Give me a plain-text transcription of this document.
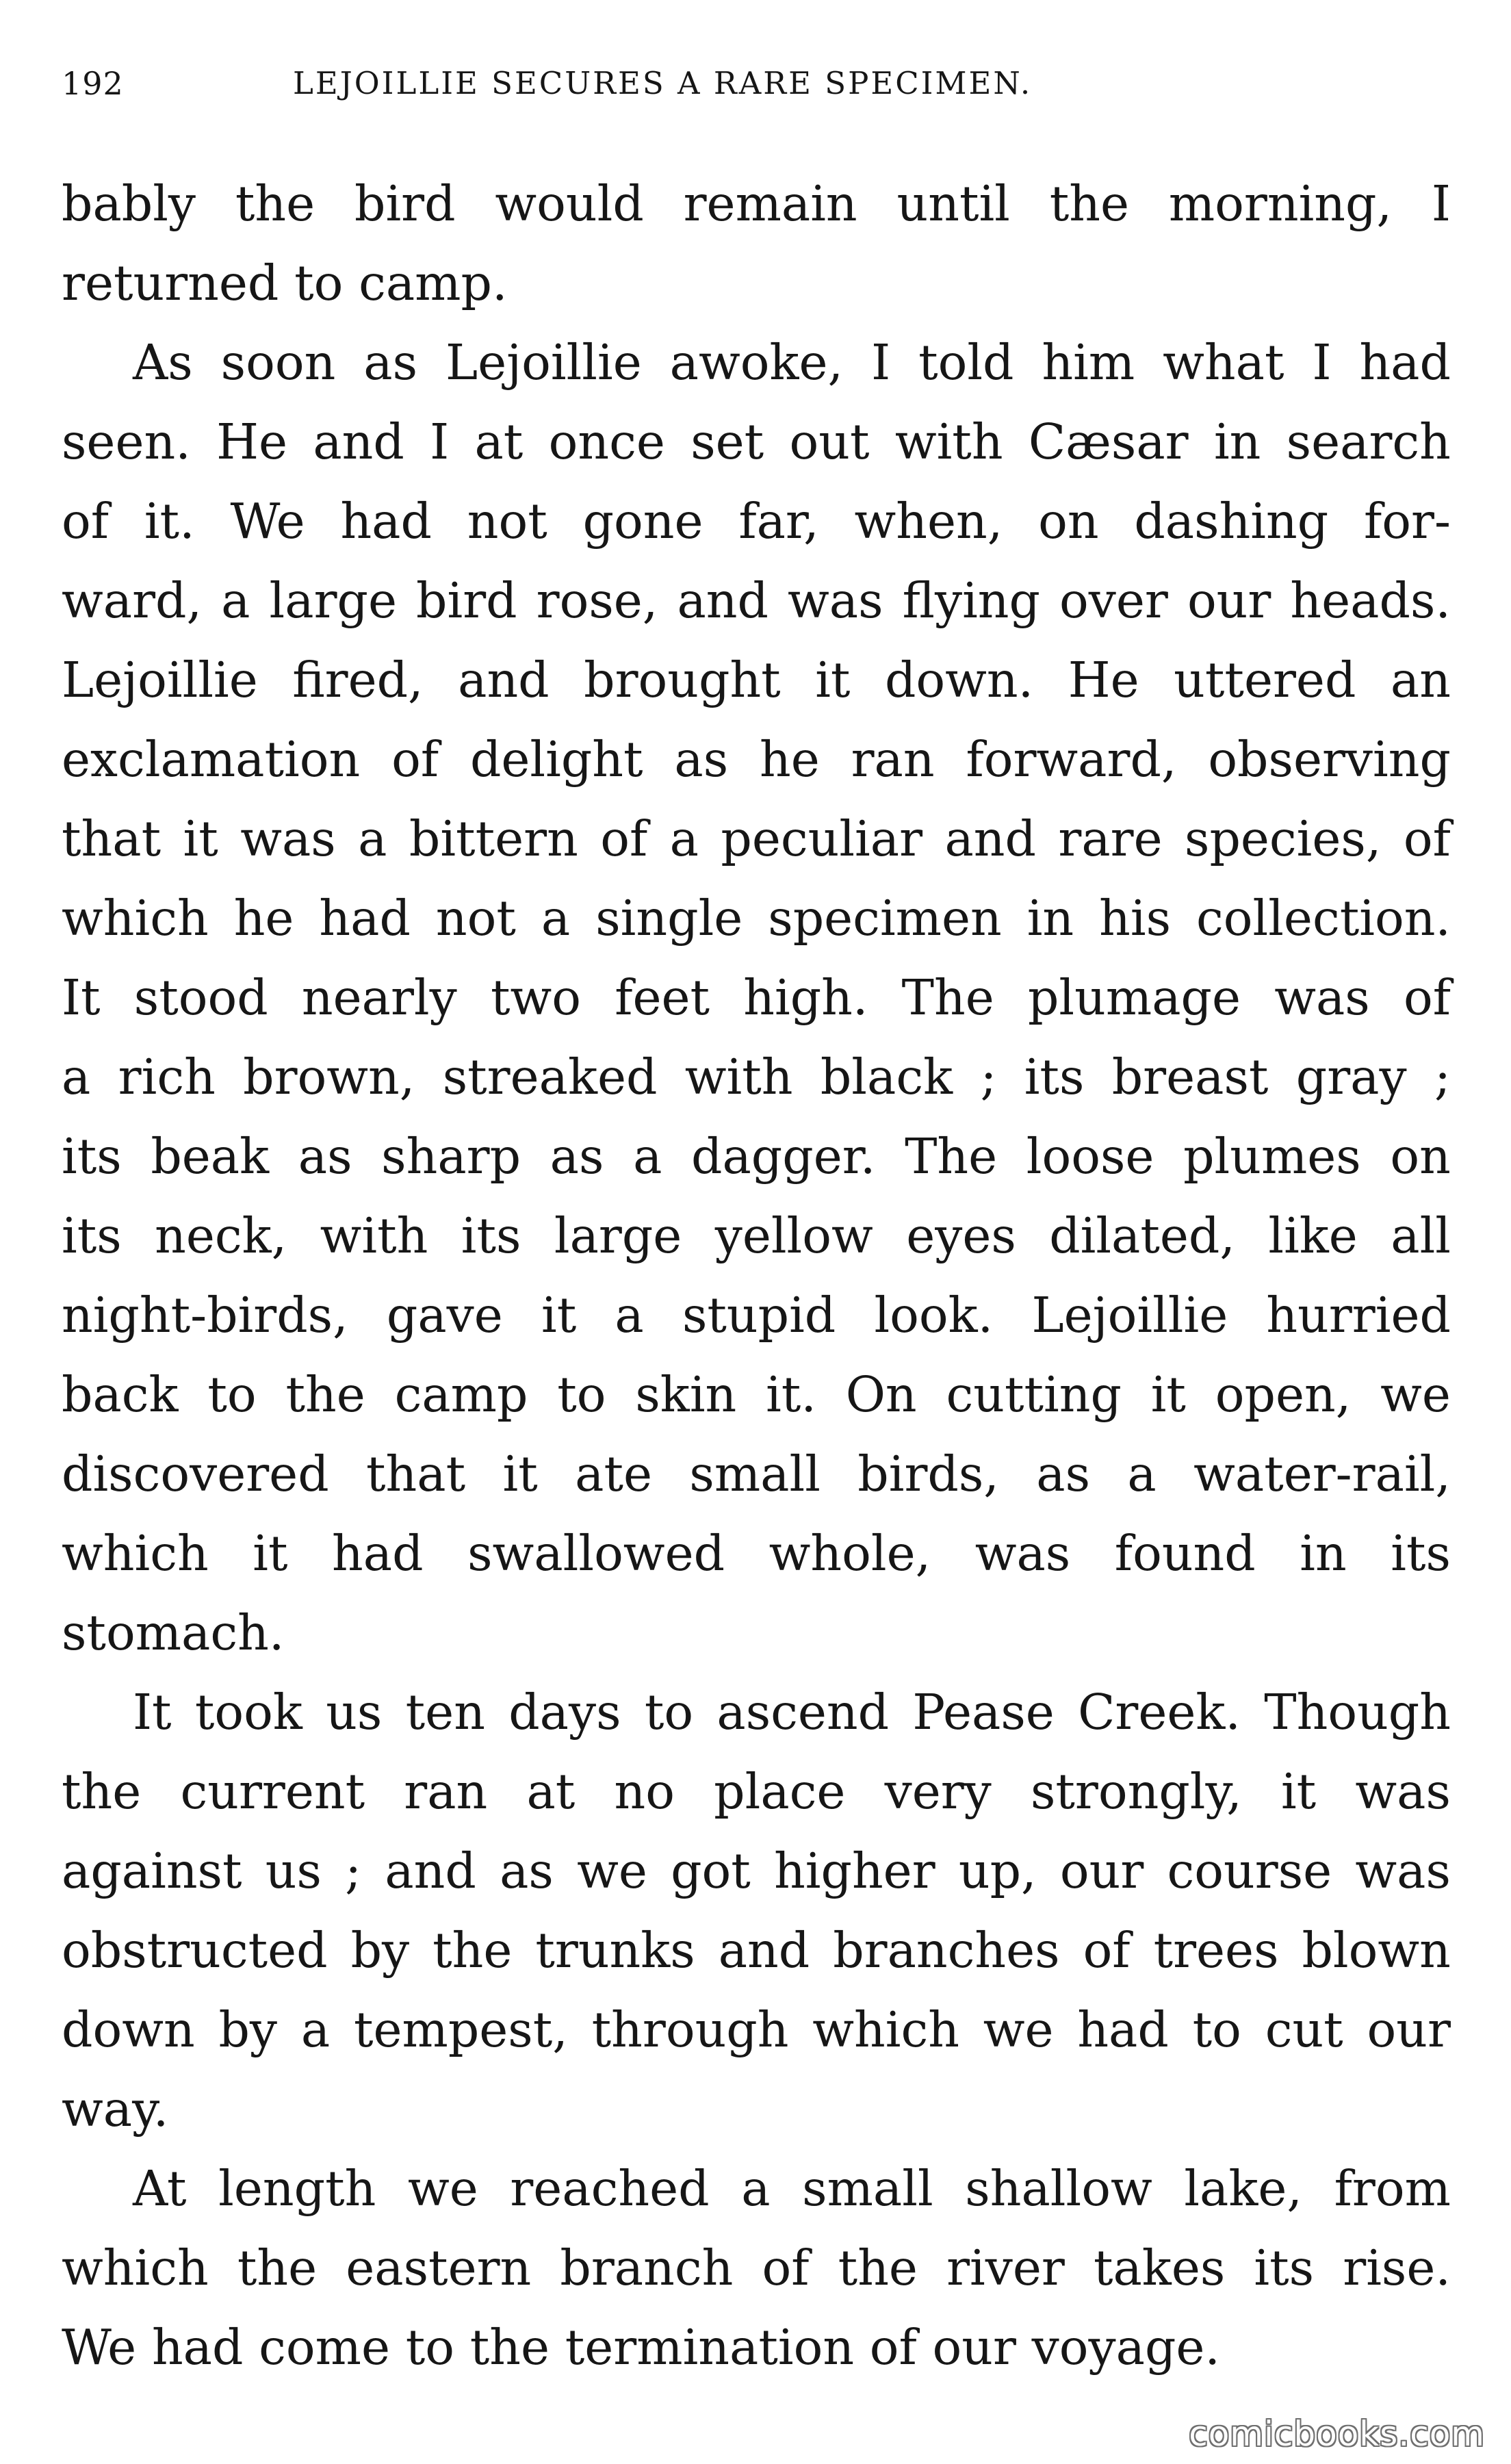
192	LEJOILLIE SECURES A RARE SPECIMEN.
bably the bird would remain until the morning, I
returned to camp.
As soon as Lejoillie awoke, I told him what I had
seen. He and I at once set out with Cæsar in search
of it. We had not gone far, when, on dashing for-
ward, a large bird rose, and was flying over our heads.
Lejoillie fired, and brought it down. He uttered an
exclamation of delight as he ran forward, observing
that it was a bittern of a peculiar and rare species, of
which he had not a single specimen in his collection.
It stood nearly two feet high. The plumage was of
a rich brown, streaked with black ; its breast gray ;
its beak as sharp as a dagger. The loose plumes on
its neck, with its large yellow eyes dilated, like all
night-birds, gave it a stupid look. Lejoillie hurried
back to the camp to skin it. On cutting it open, we
discovered that it ate small birds, as a water-rail,
which it had swallowed whole, was found in its
stomach.
It took us ten days to ascend Pease Creek. Though
the current ran at no place very strongly, it was
against us ; and as we got higher up, our course was
obstructed by the trunks and branches of trees blown
down by a tempest, through which we had to cut our
way.
At length we reached a small shallow lake, from
which the eastern branch of the river takes its rise.
We had come to the termination of our voyage.
comicbooks.com
